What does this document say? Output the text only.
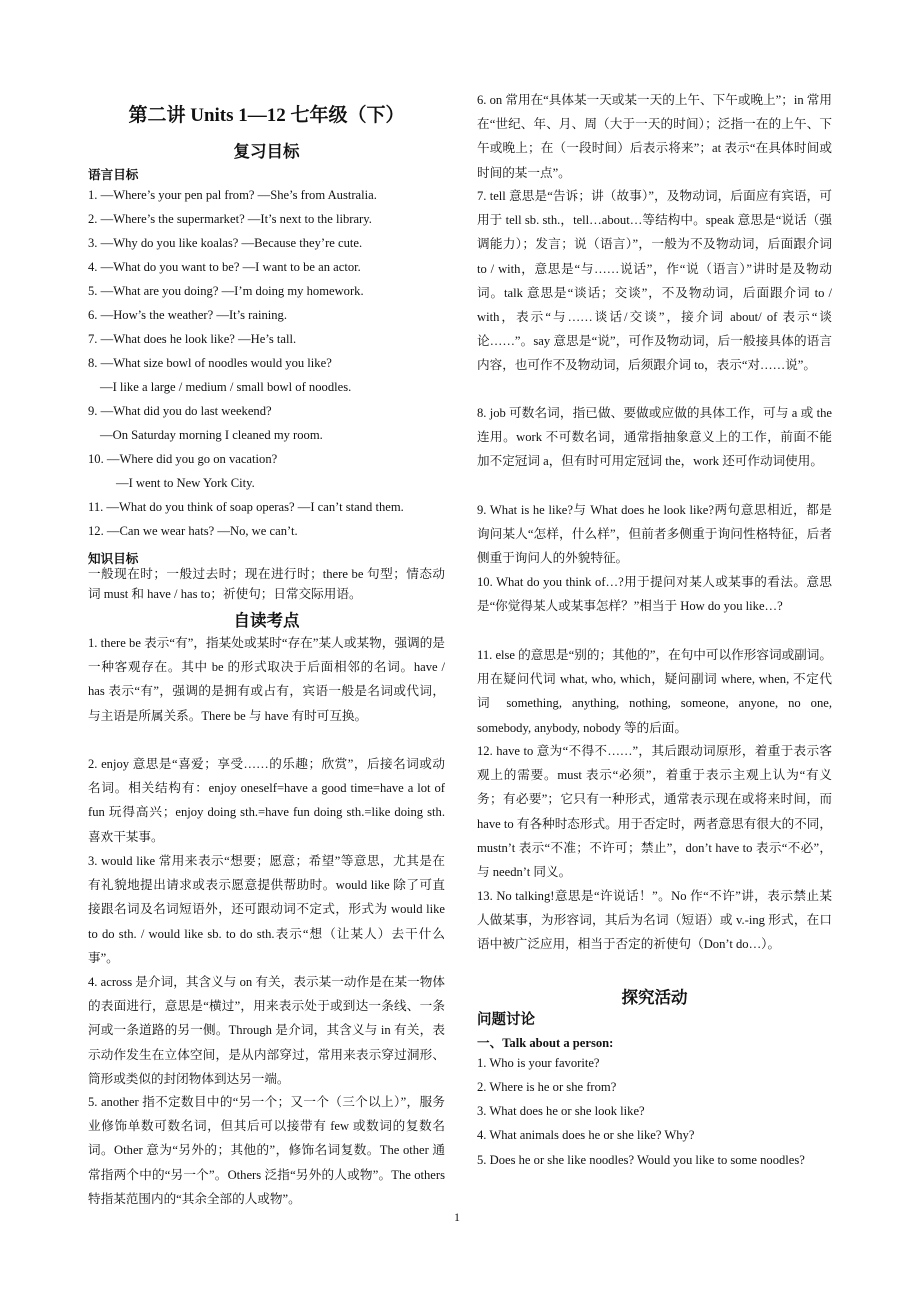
第二讲 Units 1—12 七年级（下）
复习目标
语言目标
1. —Where’s your pen pal from? —She’s from Australia.
2. —Where’s the supermarket? —It’s next to the library.
3. —Why do you like koalas? —Because they’re cute.
4. —What do you want to be? —I want to be an actor.
5. —What are you doing? —I’m doing my homework.
6. —How’s the weather? —It’s raining.
7. —What does he look like? —He’s tall.
8. —What size bowl of noodles would you like?
—I like a large / medium / small bowl of noodles.
9. —What did you do last weekend?
—On Saturday morning I cleaned my room.
10. —Where did you go on vacation?
—I went to New York City.
11. —What do you think of soap operas? —I can’t stand them.
12. —Can we wear hats? —No, we can’t.
知识目标

一般现在时；一般过去时；现在进行时；there be 句型；情态动词 must 和 have / has to；祈使句；日常交际用语。

自读考点

1. there be 表示“有”，指某处或某时“存在”某人或某物，强调的是一种客观存在。其中 be 的形式取决于后面相邻的名词。have / has 表示“有”，强调的是拥有或占有，宾语一般是名词或代词，与主语是所属关系。There be 与 have 有时可互换。

2. enjoy 意思是“喜爱；享受……的乐趣；欣赏”，后接名词或动名词。相关结构有：enjoy oneself=have a good time=have a lot of fun 玩得高兴；enjoy doing sth.=have fun doing sth.=like doing sth.喜欢干某事。

3. would like 常用来表示“想要；愿意；希望”等意思，尤其是在有礼貌地提出请求或表示愿意提供帮助时。would like 除了可直接跟名词及名词短语外，还可跟动词不定式，形式为 would like to do sth. / would like sb. to do sth.表示“想（让某人）去干什么事”。

4. across 是介词，其含义与 on 有关，表示某一动作是在某一物体的表面进行，意思是“横过”，用来表示处于或到达一条线、一条河或一条道路的另一侧。Through 是介词，其含义与 in 有关，表示动作发生在立体空间，是从内部穿过，常用来表示穿过洞形、筒形或类似的封闭物体到达另一端。

5. another 指不定数目中的“另一个；又一个（三个以上）”，服务业修饰单数可数名词，但其后可以接带有 few 或数词的复数名词。Other 意为“另外的；其他的”，修饰名词复数。The other 通常指两个中的“另一个”。Others 泛指“另外的人或物”。The others 特指某范围内的“其余全部的人或物”。

6. on 常用在“具体某一天或某一天的上午、下午或晚上”；in 常用在“世纪、年、月、周（大于一天的时间）；泛指一在的上午、下午或晚上；在（一段时间）后表示将来”；at 表示“在具体时间或时间的某一点”。

7. tell 意思是“告诉；讲（故事）”，及物动词，后面应有宾语，可用于 tell sb. sth.，tell…about…等结构中。speak 意思是“说话（强调能力）；发言；说（语言）”，一般为不及物动词，后面跟介词 to / with，意思是“与……说话”，作“说（语言）”讲时是及物动词。talk 意思是“谈话；交谈”，不及物动词，后面跟介词 to / with，表示“与……谈话/交谈”，接介词 about/ of 表示“谈论……”。say 意思是“说”，可作及物动词，后一般接具体的语言内容，也可作不及物动词，后须跟介词 to，表示“对……说”。

8. job 可数名词，指已做、要做或应做的具体工作，可与 a 或 the 连用。work 不可数名词，通常指抽象意义上的工作，前面不能加不定冠词 a，但有时可用定冠词 the，work 还可作动词使用。

9. What is he like?与 What does he look like?两句意思相近，都是询问某人“怎样，什么样”，但前者多侧重于询问性格特征，后者侧重于询问人的外貌特征。

10. What do you think of…?用于提问对某人或某事的看法。意思是“你觉得某人或某事怎样？”相当于 How do you like…?

11. else 的意思是“别的；其他的”，在句中可以作形容词或副词。用在疑问代词 what, who, which，疑问副词 where, when, 不定代词 something, anything, nothing, someone, anyone, no one, somebody, anybody, nobody 等的后面。

12. have to 意为“不得不……”，其后跟动词原形，着重于表示客观上的需要。must 表示“必须”，着重于表示主观上认为“有义务；有必要”；它只有一种形式，通常表示现在或将来时间，而 have to 有各种时态形式。用于否定时，两者意思有很大的不同，mustn’t 表示“不准；不许可；禁止”，don’t have to 表示“不必”，与 needn’t 同义。

13. No talking!意思是“许说话！”。No 作“不许”讲，表示禁止某人做某事，为形容词，其后为名词（短语）或 v.-ing 形式，在口语中被广泛应用，相当于否定的祈使句（Don’t do…）。

探究活动
问题讨论
一、Talk about a person:
1. Who is your favorite?
2. Where is he or she from?
3. What does he or she look like?
4. What animals does he or she like? Why?

5. Does he or she like noodles? Would you like to some noodles?

1
